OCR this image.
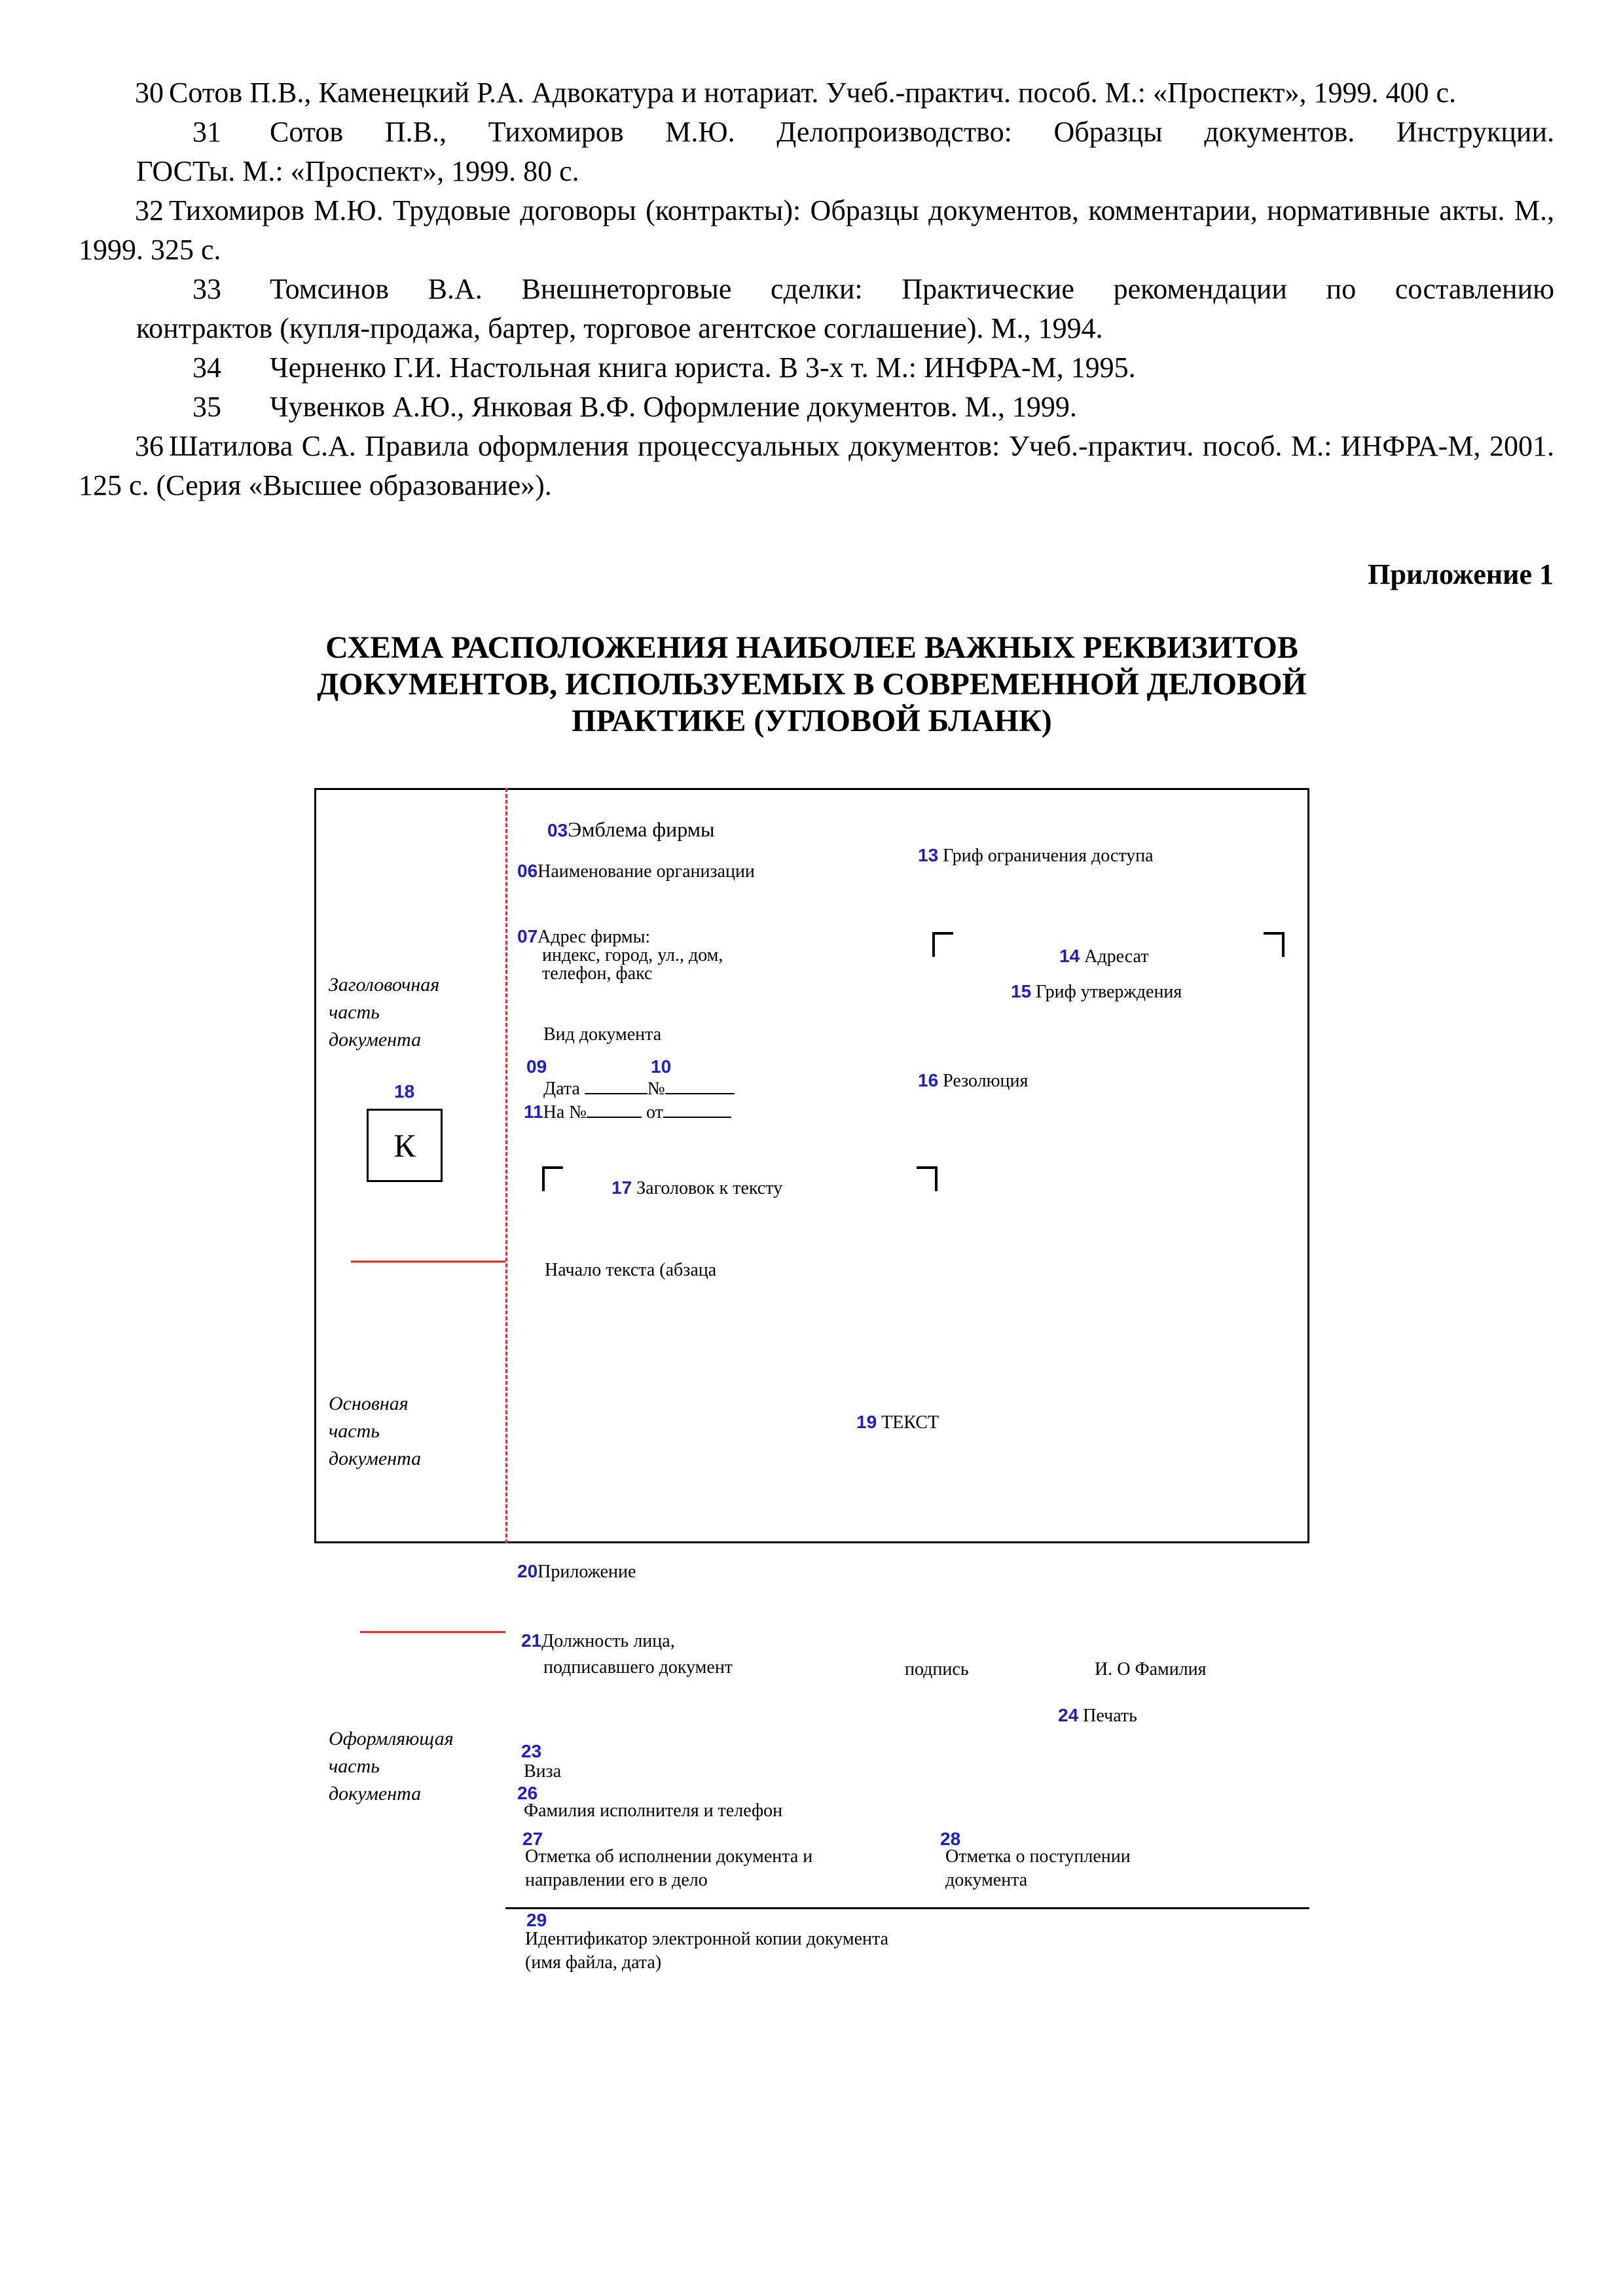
30 Сотов П.В., Каменецкий Р.А. Адвокатура и нотариат. Учеб.-практич. пособ. М.: «Проспект», 1999. 400 с.

31 Сотов П.В., Тихомиров М.Ю. Делопроизводство: Образцы документов. Инструкции.

ГОСТы. М.: «Проспект», 1999. 80 с.

32 Тихомиров М.Ю. Трудовые договоры (контракты): Образцы документов, комментарии, нормативные акты. М., 1999. 325 с.

33 Томсинов В.А. Внешнеторговые сделки: Практические рекомендации по составлению

контрактов (купля-продажа, бартер, торговое агентское соглашение). М., 1994.

34 Черненко Г.И. Настольная книга юриста. В 3-х т. М.: ИНФРА-М, 1995.

35 Чувенков А.Ю., Янковая В.Ф. Оформление документов. М., 1999.

36 Шатилова С.А. Правила оформления процессуальных документов: Учеб.-практич. пособ. М.: ИНФРА-М, 2001. 125 с. (Серия «Высшее образование»).

Приложение 1
СХЕМА РАСПОЛОЖЕНИЯ НАИБОЛЕЕ ВАЖНЫХ РЕКВИЗИТОВ
ДОКУМЕНТОВ, ИСПОЛЬЗУЕМЫХ В СОВРЕМЕННОЙ ДЕЛОВОЙ
ПРАКТИКЕ (УГЛОВОЙ БЛАНК)
Заголовочная
часть
документа
Основная
часть
документа
Оформляющая
часть
документа
18
К
03Эмблема фирмы
06Наименование организации
07Адрес фирмы:
индекс, город, ул., дом,
телефон, факс
Вид документа
09	10
Дата	№
11На №	от
13 Гриф ограничения доступа
14 Адресат
15 Гриф утверждения
16 Резолюция
17 Заголовок к тексту
Начало текста (абзаца
19 ТЕКСТ
20Приложение
21Должность лица,
подписавшего документ	подпись	И. О Фамилия
24 Печать
23
Виза
26
Фамилия исполнителя и телефон
27
Отметка об исполнении документа и
направлении его в дело
28
Отметка о поступлении
документа
29
Идентификатор электронной копии документа
(имя файла, дата)
